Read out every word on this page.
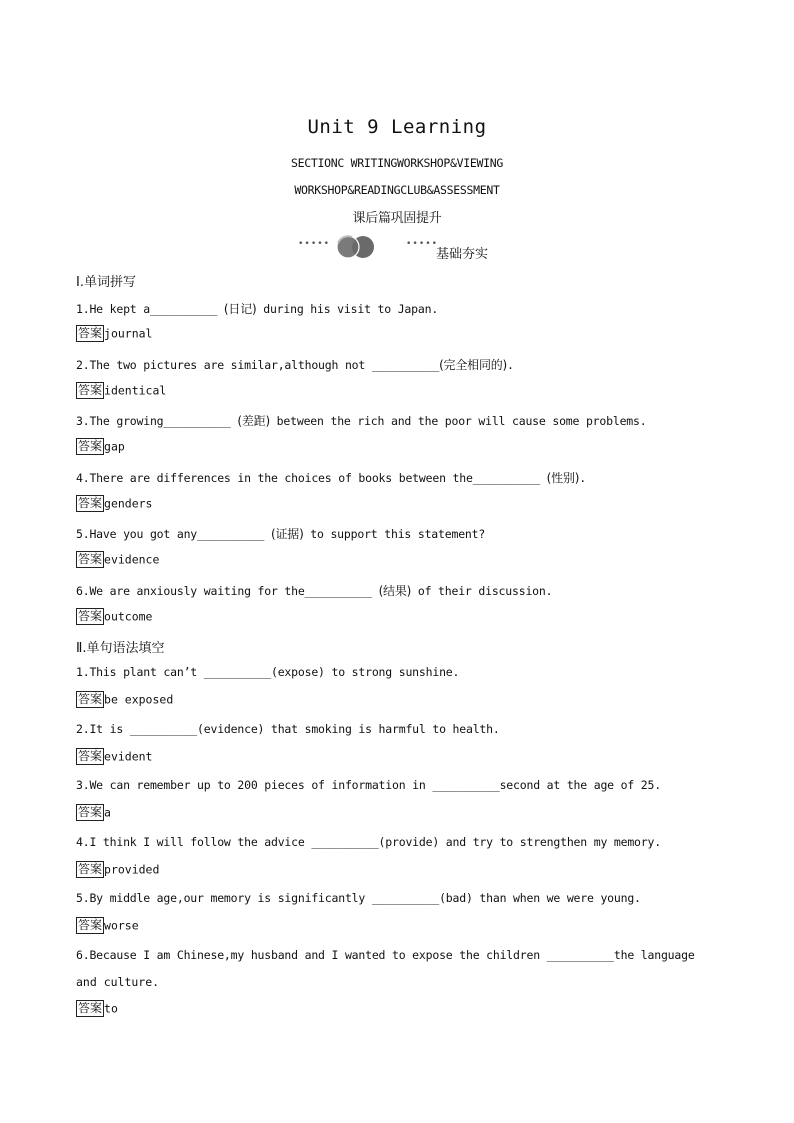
Unit 9 Learning
SECTIONC WRITINGWORKSHOP&VIEWING
WORKSHOP&READINGCLUB&ASSESSMENT
课后篇巩固提升
•••••	•••••
基础夯实
Ⅰ.单词拼写
1.He kept a__________ (日记) during his visit to Japan.
答案 journal
2.The two pictures are similar,although not __________(完全相同的).
答案 identical
3.The growing__________ (差距) between the rich and the poor will cause some problems.
答案 gap
4.There are differences in the choices of books between the__________ (性别).
答案 genders
5.Have you got any__________ (证据) to support this statement?
答案 evidence
6.We are anxiously waiting for the__________ (结果) of their discussion.
答案 outcome
Ⅱ.单句语法填空
1.This plant can’t __________(expose) to strong sunshine.
答案 be exposed
2.It is __________(evidence) that smoking is harmful to health.
答案 evident
3.We can remember up to 200 pieces of information in __________second at the age of 25.
答案 a
4.I think I will follow the advice __________(provide) and try to strengthen my memory.
答案 provided
5.By middle age,our memory is significantly __________(bad) than when we were young.
答案 worse
6.Because I am Chinese,my husband and I wanted to expose the children __________the language
and culture.
答案 to
